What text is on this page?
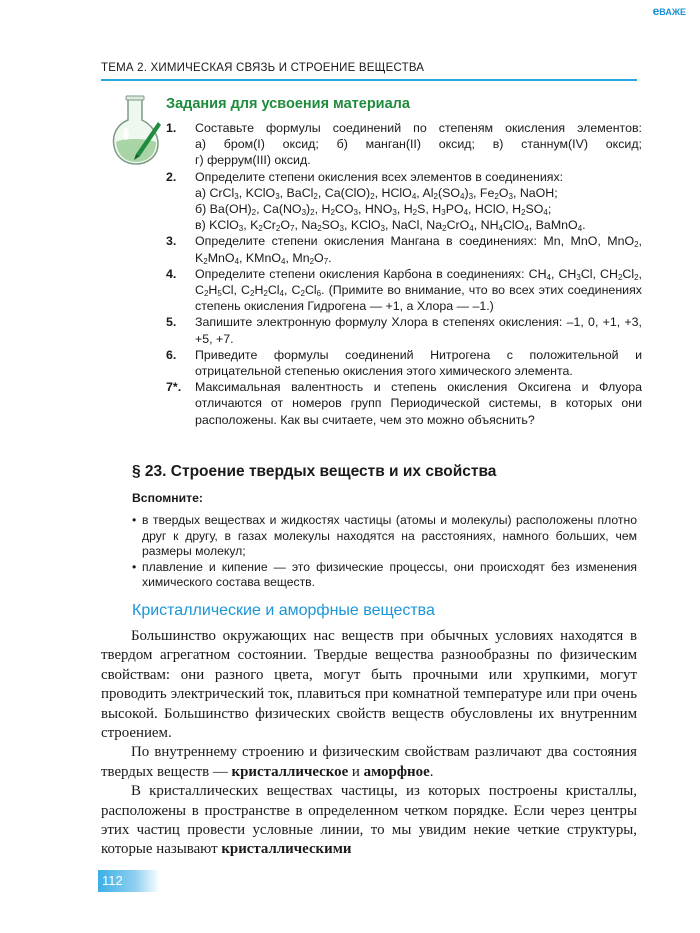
eВАЖЕ
ТЕМА 2. ХИМИЧЕСКАЯ СВЯЗЬ И СТРОЕНИЕ ВЕЩЕСТВА
Задания для усвоения материала
1.	Составьте формулы соединений по степеням окисления элементов: а) бром(I) оксид; б) манган(II) оксид; в) станнум(IV) оксид; г) феррум(III) оксид.
2.	Определите степени окисления всех элементов в соединениях:
а) CrCl$_3$, KClO$_3$, BaCl$_2$, $Ca(ClO)_2$, HClO$_4$, $Al_2(SO_4)_3$, $Fe_2O_3$, NaOH;
б) $Ba(OH)_2$, $Ca(NO_3)_2$, $H_2CO_3$, $HNO_3$, $H_2S$, $H_3PO_4$, HClO, $H_2SO_4$;
в) KClO$_3$, $K_2Cr_2O_7$, $Na_2SO_3$, KClO$_3$, NaCl, $Na_2CrO_4$, $NH_4ClO_4$, BaMnO$_4$.
3.	Определите степени окисления Мангана в соединениях: Mn, MnO, MnO$_2$, $K_2MnO_4$, KMnO$_4$, $Mn_2O_7$.
4.	Определите степени окисления Карбона в соединениях: $CH_4$, $CH_3Cl$, $CH_2Cl_2$, $C_2H_5Cl$, $C_2H_2Cl_4$, $C_2Cl_6$. (Примите во внимание, что во всех этих соединениях степень окисления Гидрогена — +1, а Хлора — –1.)
5.	Запишите электронную формулу Хлора в степенях окисления: –1, 0, +1, +3, +5, +7.
6.	Приведите формулы соединений Нитрогена с положительной и отрицательной степенью окисления этого химического элемента.
7*.	Максимальная валентность и степень окисления Оксигена и Флуора отличаются от номеров групп Периодической системы, в которых они расположены. Как вы считаете, чем это можно объяснить?
§ 23. Строение твердых веществ и их свойства
Вспомните:
• в твердых веществах и жидкостях частицы (атомы и молекулы) расположены плотно друг к другу, в газах молекулы находятся на расстояниях, намного больших, чем размеры молекул;
• плавление и кипение — это физические процессы, они происходят без изменения химического состава веществ.
Кристаллические и аморфные вещества

Большинство окружающих нас веществ при обычных условиях находятся в твердом агрегатном состоянии. Твердые вещества разнообразны по физическим свойствам: они разного цвета, могут быть прочными или хрупкими, могут проводить электрический ток, плавиться при комнатной температуре или при очень высокой. Большинство физических свойств веществ обусловлены их внутренним строением.

По внутреннему строению и физическим свойствам различают два состояния твердых веществ — кристаллическое и аморфное.

В кристаллических веществах частицы, из которых построены кристаллы, расположены в пространстве в определенном четком порядке. Если через центры этих частиц провести условные линии, то мы увидим некие четкие структуры, которые называют кристаллическими

112
